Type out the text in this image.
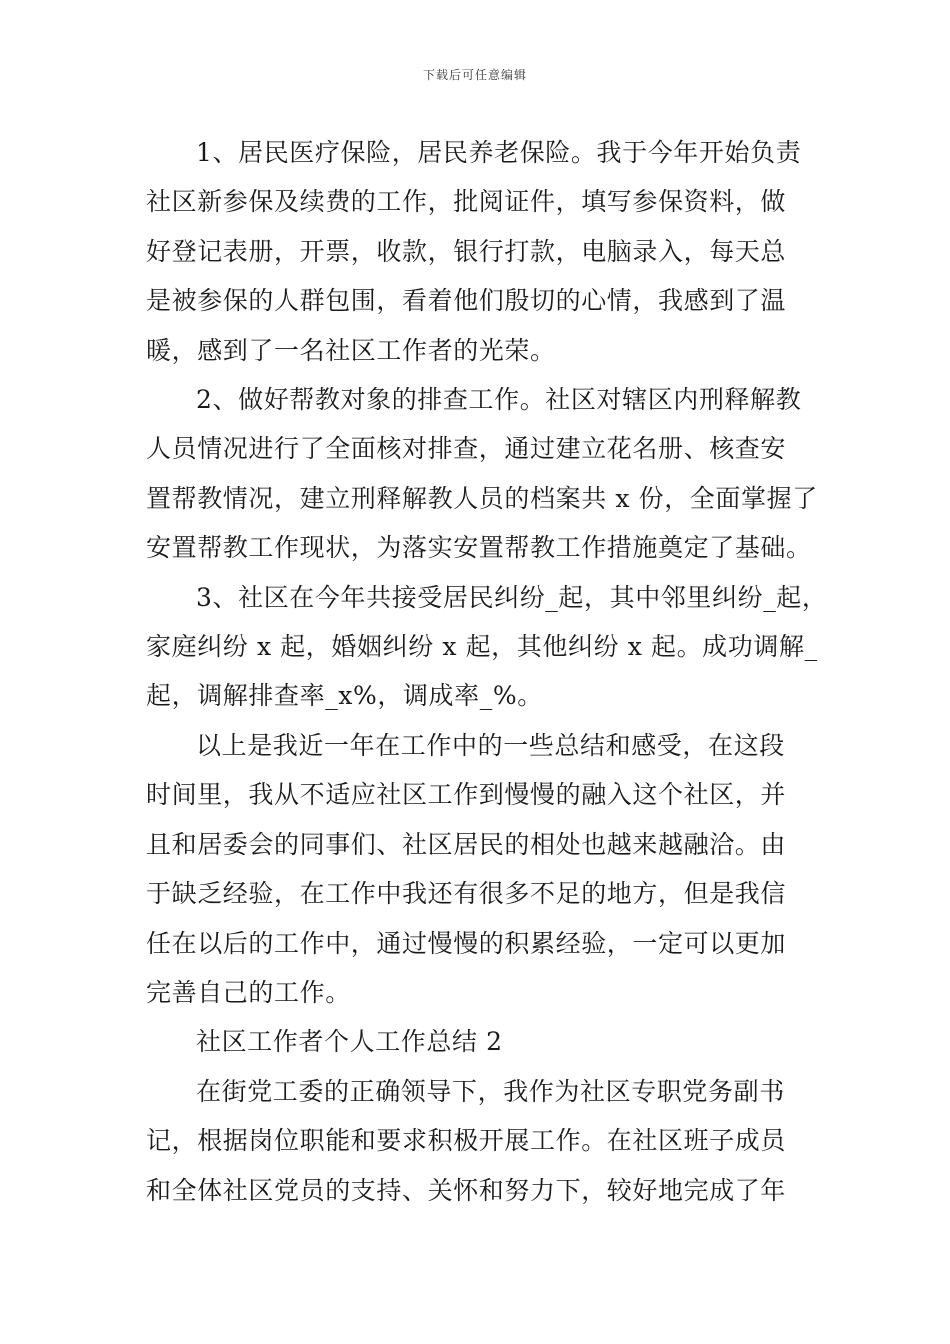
下载后可任意编辑

1、居民医疗保险，居民养老保险。我于今年开始负责
社区新参保及续费的工作，批阅证件，填写参保资料，做
好登记表册，开票，收款，银行打款，电脑录入，每天总
是被参保的人群包围，看着他们殷切的心情，我感到了温
暖，感到了一名社区工作者的光荣。

2、做好帮教对象的排查工作。社区对辖区内刑释解教
人员情况进行了全面核对排查，通过建立花名册、核查安
置帮教情况，建立刑释解教人员的档案共 x 份，全面掌握了
安置帮教工作现状，为落实安置帮教工作措施奠定了基础。

3、社区在今年共接受居民纠纷_起，其中邻里纠纷_起，
家庭纠纷 x 起，婚姻纠纷 x 起，其他纠纷 x 起。成功调解_
起，调解排查率_x%，调成率_%。

以上是我近一年在工作中的一些总结和感受，在这段
时间里，我从不适应社区工作到慢慢的融入这个社区，并
且和居委会的同事们、社区居民的相处也越来越融洽。由
于缺乏经验，在工作中我还有很多不足的地方，但是我信
任在以后的工作中，通过慢慢的积累经验，一定可以更加
完善自己的工作。

社区工作者个人工作总结 2

在街党工委的正确领导下，我作为社区专职党务副书
记，根据岗位职能和要求积极开展工作。在社区班子成员
和全体社区党员的支持、关怀和努力下，较好地完成了年
